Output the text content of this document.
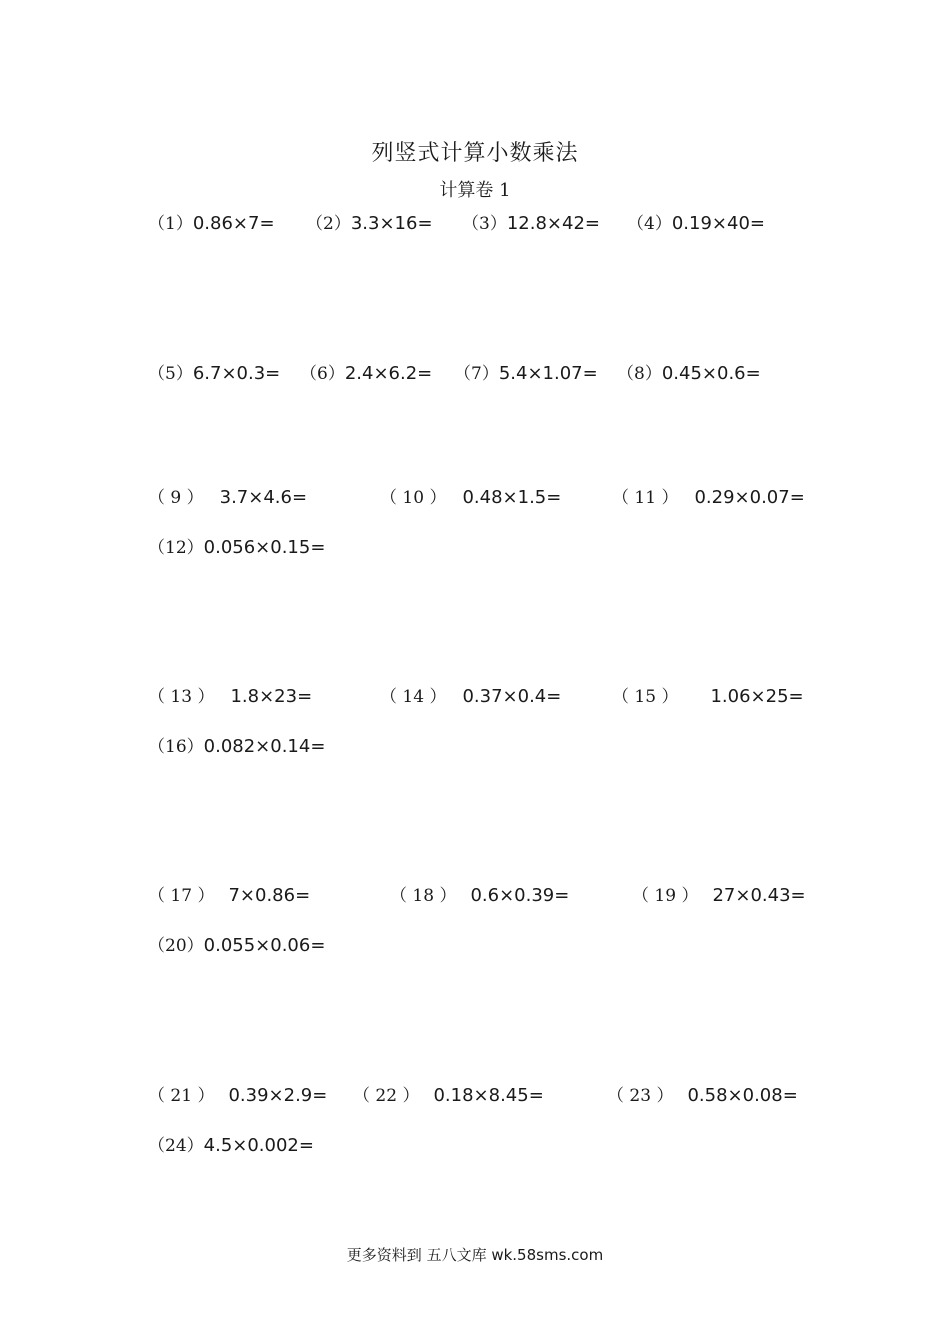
列竖式计算小数乘法
计算卷 1
（1）0.86×7= （2）3.3×16= （3）12.8×42= （4）0.19×40=
（5）6.7×0.3= （6）2.4×6.2= （7）5.4×1.07= （8）0.45×0.6=
（ 9 ） 3.7×4.6=	（ 10 ） 0.48×1.5=	（ 11 ） 0.29×0.07=
（12）0.056×0.15=
（ 13 ） 1.8×23=	（ 14 ） 0.37×0.4=	（ 15 ） 1.06×25=
（16）0.082×0.14=
（ 17 ） 7×0.86=	（ 18 ） 0.6×0.39=	（ 19 ） 27×0.43=
（20）0.055×0.06=
（ 21 ） 0.39×2.9= （ 22 ） 0.18×8.45=	（ 23 ） 0.58×0.08=
（24）4.5×0.002=
更多资料到 五八文库 wk.58sms.com
